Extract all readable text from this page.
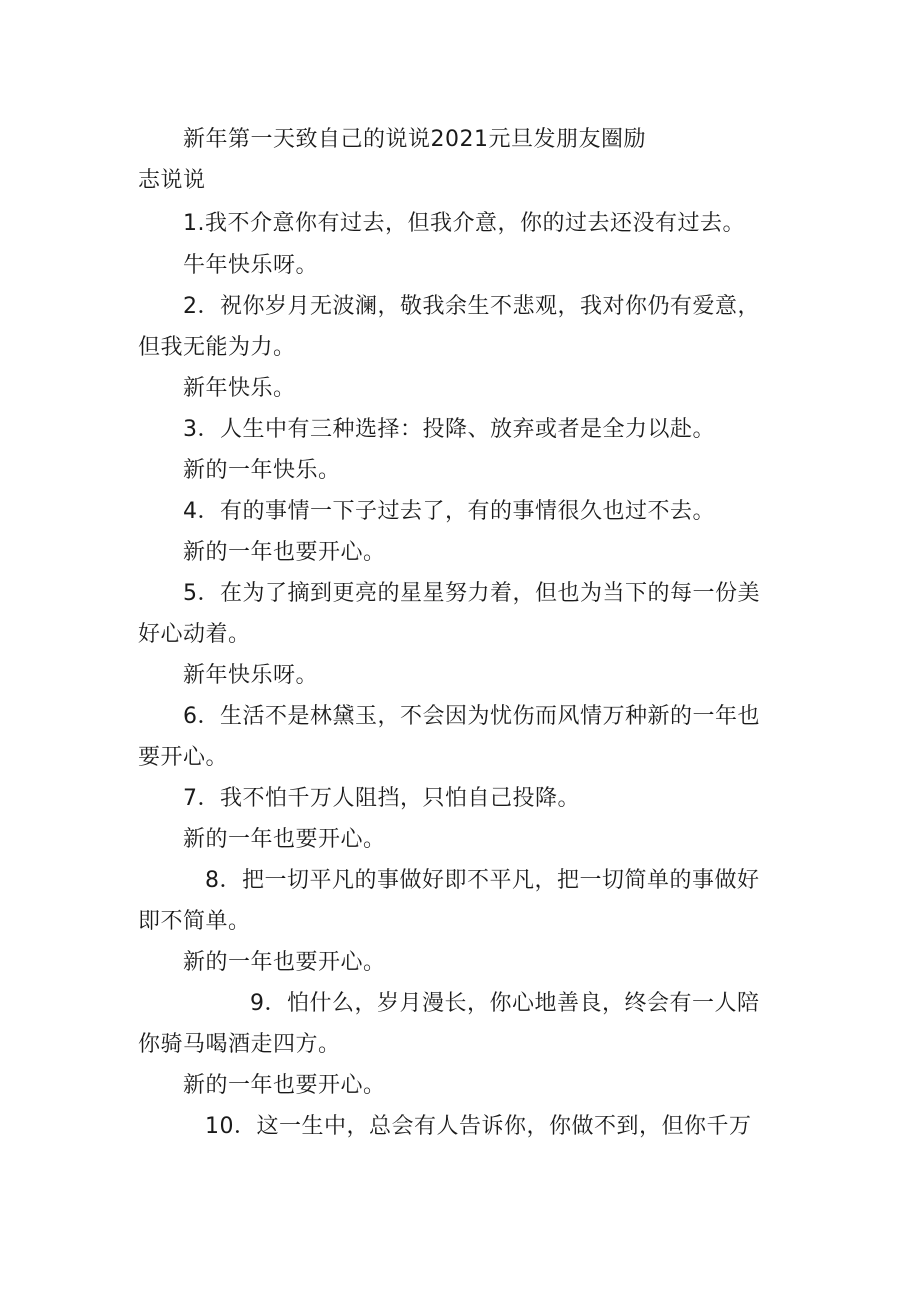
新年第一天致自己的说说2021元旦发朋友圈励
志说说
1.我不介意你有过去，但我介意，你的过去还没有过去。
牛年快乐呀。
2．祝你岁月无波澜，敬我余生不悲观，我对你仍有爱意，
但我无能为力。
新年快乐。
3．人生中有三种选择：投降、放弃或者是全力以赴。
新的一年快乐。
4．有的事情一下子过去了，有的事情很久也过不去。
新的一年也要开心。
5．在为了摘到更亮的星星努力着，但也为当下的每一份美
好心动着。
新年快乐呀。
6．生活不是林黛玉，不会因为忧伤而风情万种新的一年也
要开心。
7．我不怕千万人阻挡，只怕自己投降。
新的一年也要开心。
8．把一切平凡的事做好即不平凡，把一切简单的事做好
即不简单。
新的一年也要开心。
9．怕什么，岁月漫长，你心地善良，终会有一人陪
你骑马喝酒走四方。
新的一年也要开心。
10．这一生中，总会有人告诉你，你做不到，但你千万
